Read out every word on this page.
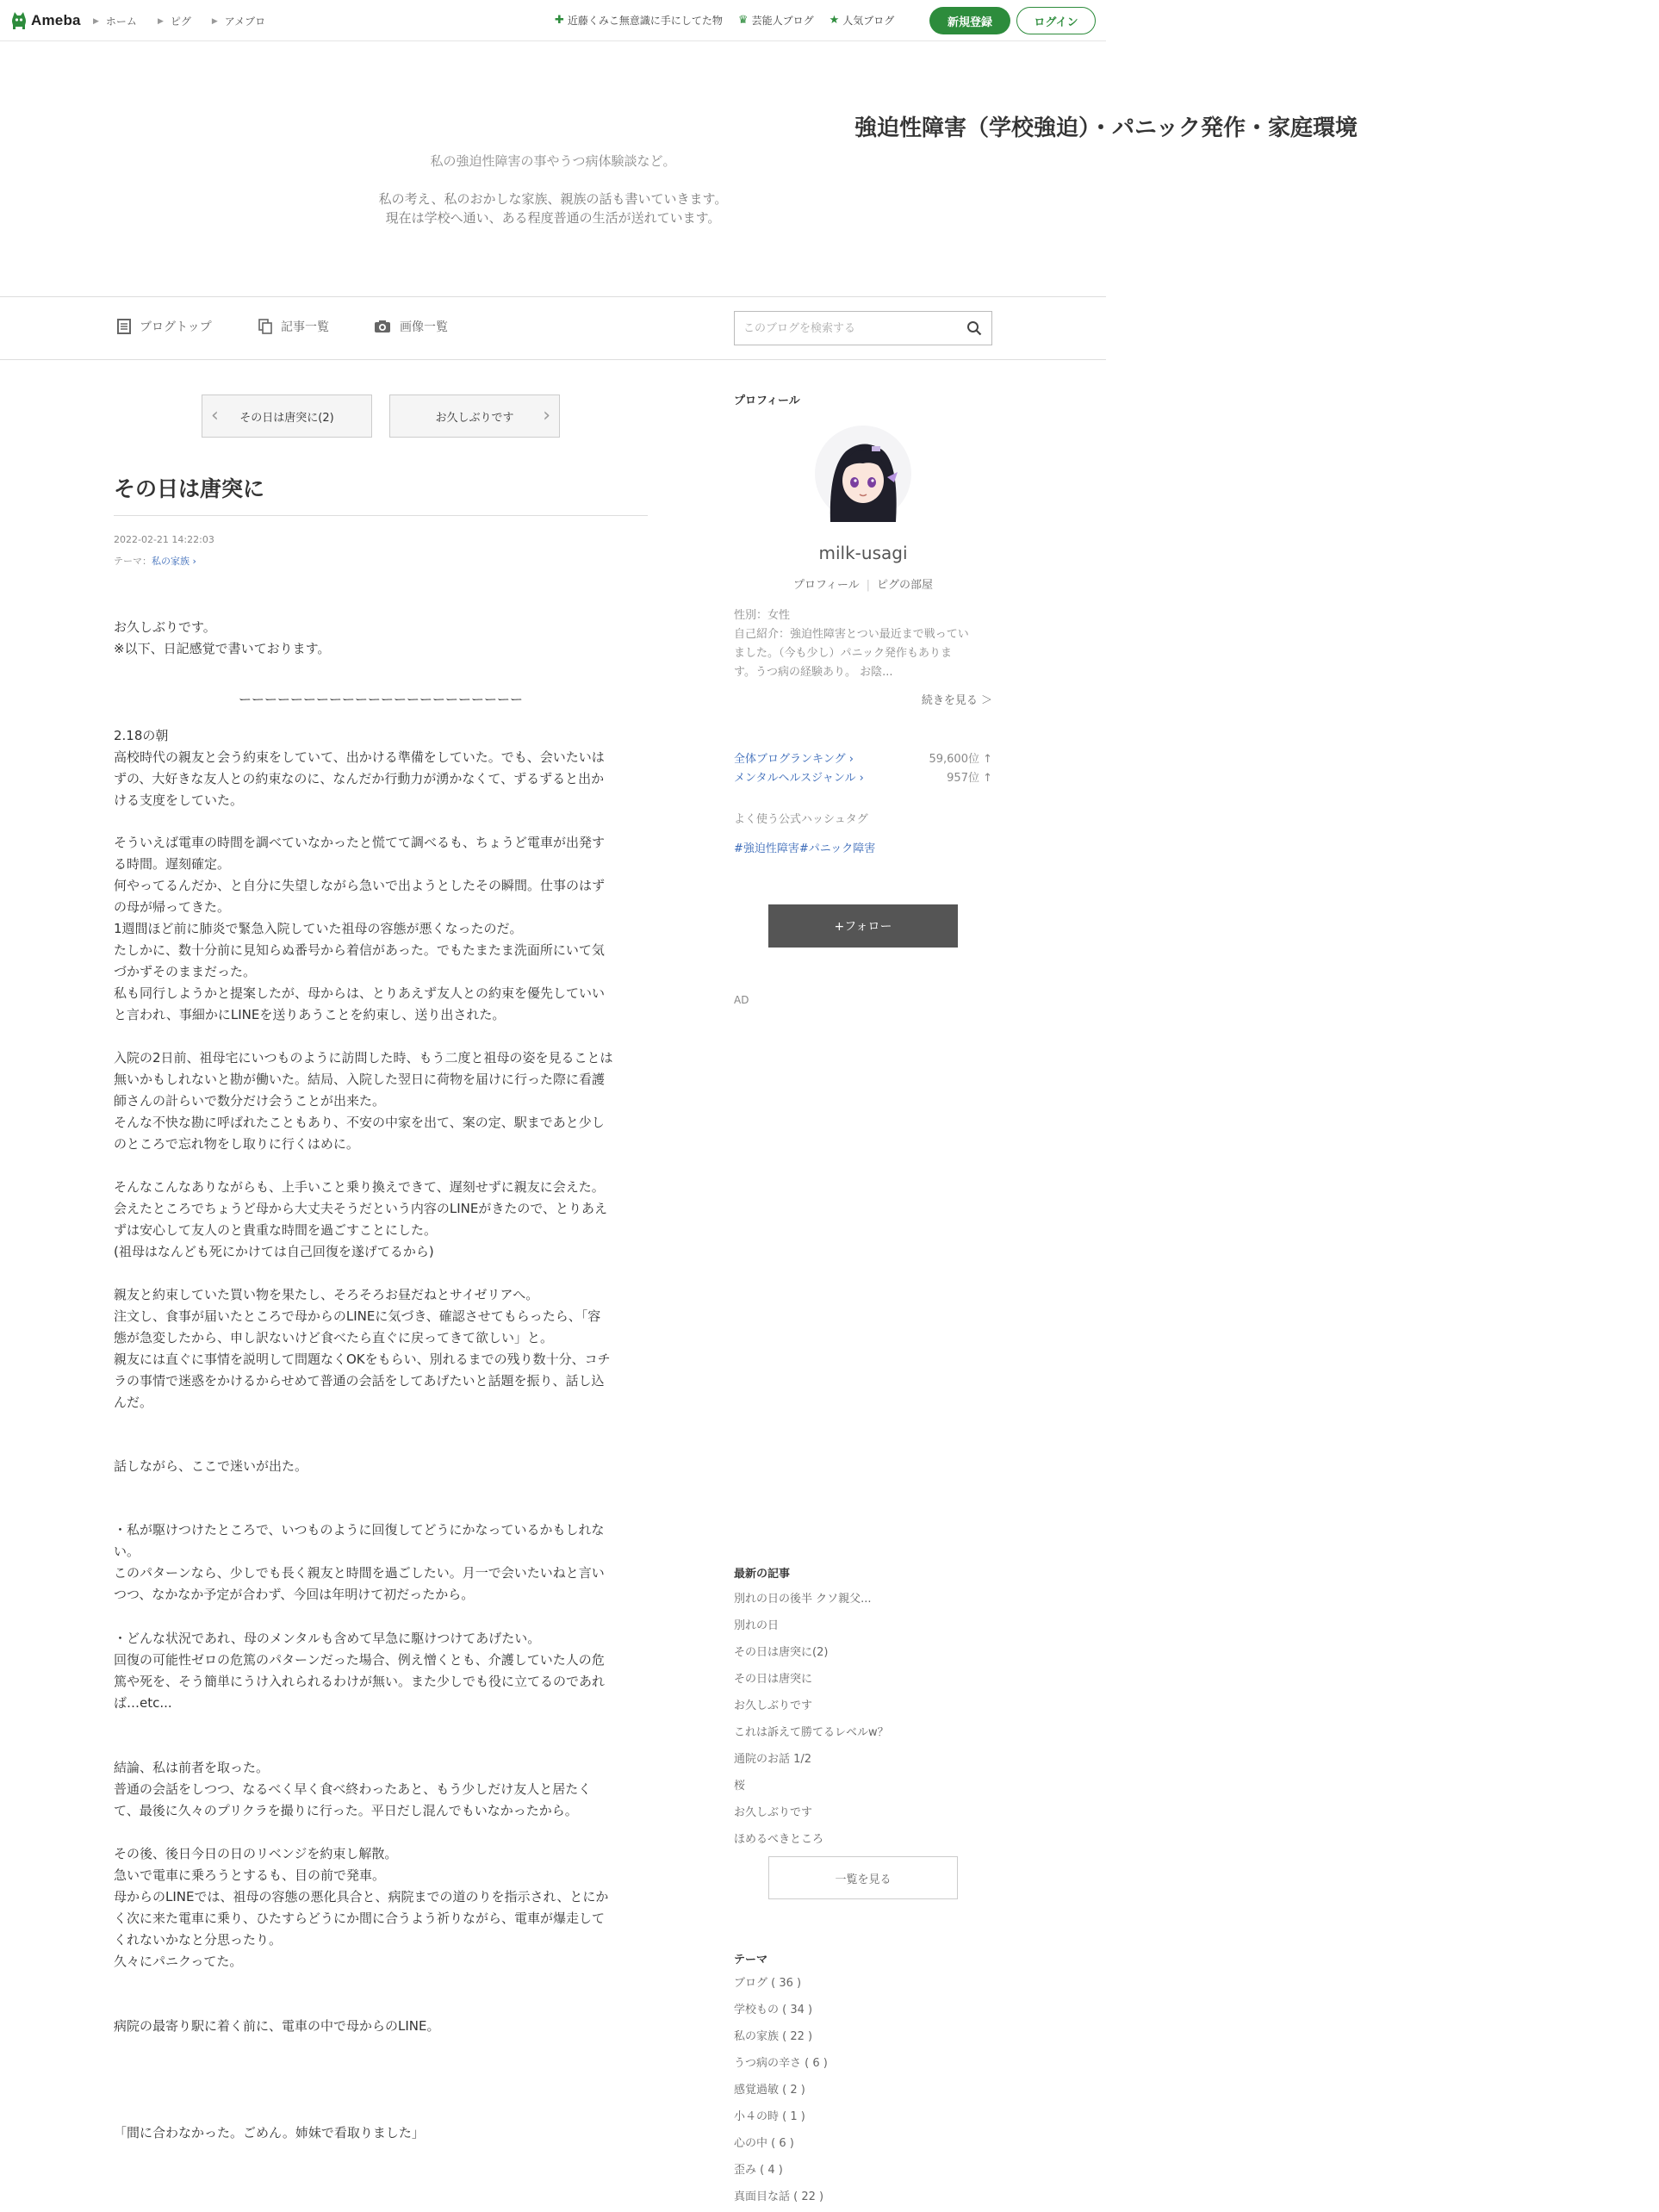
Ameba ▶ ホーム	▶ ピグ	▶ アメブロ	✚ 近藤くみこ無意識に手にしてた物 ♛ 芸能人ブログ ★ 人気ブログ	新規登録	ログイン
強迫性障害（学校強迫）・パニック発作・家庭環境
私の強迫性障害の事やうつ病体験談など。
私の考え、私のおかしな家族、親族の話も書いていきます。
現在は学校へ通い、ある程度普通の生活が送れています。
ブログトップ	記事一覧	画像一覧
このブログを検索する
‹ その日は唐突に(2)	お久しぶりです ›
その日は唐突に
2022-02-21 14:22:03
テーマ：私の家族 ›

お久しぶりです。
※以下、日記感覚で書いております。

ーーーーーーーーーーーーーーーーーーーーーー

2.18の朝
高校時代の親友と会う約束をしていて、出かける準備をしていた。でも、会いたいは
ずの、大好きな友人との約束なのに、なんだか行動力が湧かなくて、ずるずると出か
ける支度をしていた。

そういえば電車の時間を調べていなかったと慌てて調べるも、ちょうど電車が出発す
る時間。遅刻確定。
何やってるんだか、と自分に失望しながら急いで出ようとしたその瞬間。仕事のはず
の母が帰ってきた。
1週間ほど前に肺炎で緊急入院していた祖母の容態が悪くなったのだ。
たしかに、数十分前に見知らぬ番号から着信があった。でもたまたま洗面所にいて気
づかずそのままだった。
私も同行しようかと提案したが、母からは、とりあえず友人との約束を優先していい
と言われ、事細かにLINEを送りあうことを約束し、送り出された。

入院の2日前、祖母宅にいつものように訪問した時、もう二度と祖母の姿を見ることは
無いかもしれないと勘が働いた。結局、入院した翌日に荷物を届けに行った際に看護
師さんの計らいで数分だけ会うことが出来た。
そんな不快な勘に呼ばれたこともあり、不安の中家を出て、案の定、駅まであと少し
のところで忘れ物をし取りに行くはめに。

そんなこんなありながらも、上手いこと乗り換えできて、遅刻せずに親友に会えた。
会えたところでちょうど母から大丈夫そうだという内容のLINEがきたので、とりあえ
ずは安心して友人のと貴重な時間を過ごすことにした。
(祖母はなんども死にかけては自己回復を遂げてるから)

親友と約束していた買い物を果たし、そろそろお昼だねとサイゼリアへ。
注文し、食事が届いたところで母からのLINEに気づき、確認させてもらったら、「容
態が急変したから、申し訳ないけど食べたら直ぐに戻ってきて欲しい」と。
親友には直ぐに事情を説明して問題なくOKをもらい、別れるまでの残り数十分、コチ
ラの事情で迷惑をかけるからせめて普通の会話をしてあげたいと話題を振り、話し込
んだ。

話しながら、ここで迷いが出た。

・私が駆けつけたところで、いつものように回復してどうにかなっているかもしれな
い。
このパターンなら、少しでも長く親友と時間を過ごしたい。月一で会いたいねと言い
つつ、なかなか予定が合わず、今回は年明けて初だったから。

・どんな状況であれ、母のメンタルも含めて早急に駆けつけてあげたい。
回復の可能性ゼロの危篤のパターンだった場合、例え憎くとも、介護していた人の危
篤や死を、そう簡単にうけ入れられるわけが無い。また少しでも役に立てるのであれ
ば…etc...

結論、私は前者を取った。
普通の会話をしつつ、なるべく早く食べ終わったあと、もう少しだけ友人と居たく
て、最後に久々のプリクラを撮りに行った。平日だし混んでもいなかったから。

その後、後日今日の日のリベンジを約束し解散。
急いで電車に乗ろうとするも、目の前で発車。
母からのLINEでは、祖母の容態の悪化具合と、病院までの道のりを指示され、とにか
く次に来た電車に乗り、ひたすらどうにか間に合うよう祈りながら、電車が爆走して
くれないかなと分思ったり。
久々にパニクってた。

病院の最寄り駅に着く前に、電車の中で母からのLINE。

「間に合わなかった。ごめん。姉妹で看取りました」

プロフィール
milk-usagi
プロフィール | ピグの部屋
性別：女性
自己紹介：強迫性障害とつい最近まで戦ってい
ました。（今も少し）パニック発作もありま
す。うつ病の経験あり。 お陰...
続きを見る ＞
全体ブログランキング ›	59,600位 ↑
メンタルヘルスジャンル ›	957位 ↑
よく使う公式ハッシュタグ
#強迫性障害#パニック障害
+フォロー
AD
最新の記事
別れの日の後半 クソ親父...
別れの日
その日は唐突に(2)
その日は唐突に
お久しぶりです
これは訴えて勝てるレベルw？
通院のお話 1/2
桜
お久しぶりです
ほめるべきところ
一覧を見る
テーマ
ブログ ( 36 )
学校もの ( 34 )
私の家族 ( 22 )
うつ病の辛さ ( 6 )
感覚過敏 ( 2 )
小４の時 ( 1 )
心の中 ( 6 )
歪み ( 4 )
真面目な話 ( 22 )
